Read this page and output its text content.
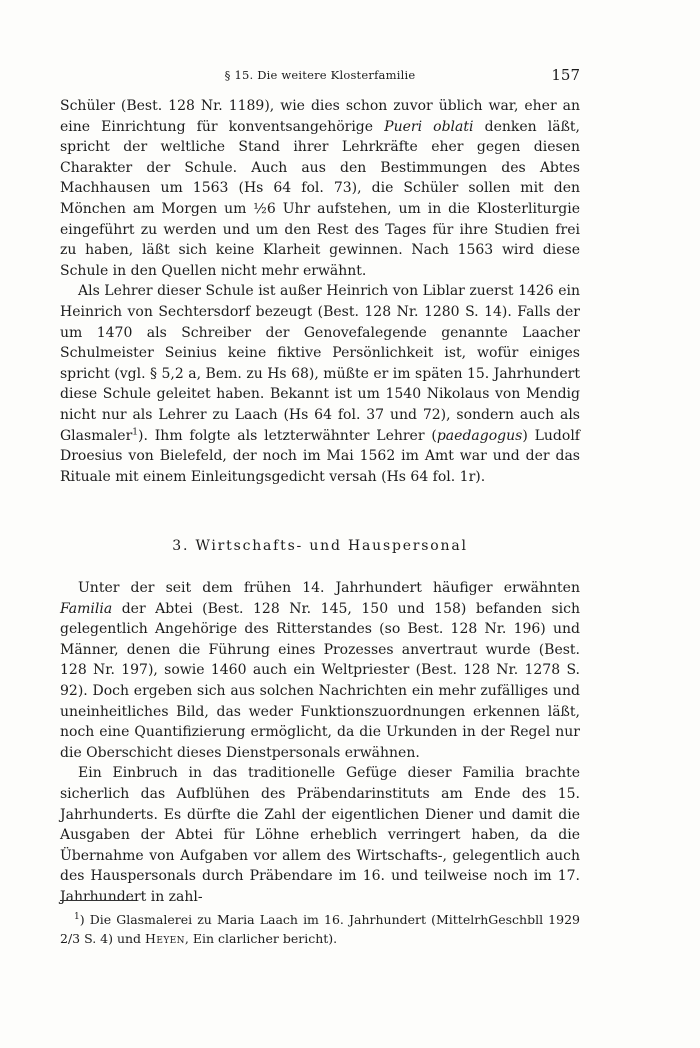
§ 15. Die weitere Klosterfamilie	157

Schüler (Best. 128 Nr. 1189), wie dies schon zuvor üblich war, eher an eine Einrichtung für konventsangehörige Pueri oblati denken läßt, spricht der weltliche Stand ihrer Lehrkräfte eher gegen diesen Charakter der Schule. Auch aus den Bestimmungen des Abtes Machhausen um 1563 (Hs 64 fol. 73), die Schüler sollen mit den Mönchen am Morgen um ½6 Uhr aufstehen, um in die Klosterliturgie eingeführt zu werden und um den Rest des Tages für ihre Studien frei zu haben, läßt sich keine Klarheit gewinnen. Nach 1563 wird diese Schule in den Quellen nicht mehr erwähnt.

Als Lehrer dieser Schule ist außer Heinrich von Liblar zuerst 1426 ein Heinrich von Sechtersdorf bezeugt (Best. 128 Nr. 1280 S. 14). Falls der um 1470 als Schreiber der Genovefalegende genannte Laacher Schulmeister Seinius keine fiktive Persönlichkeit ist, wofür einiges spricht (vgl. § 5,2 a, Bem. zu Hs 68), müßte er im späten 15. Jahrhundert diese Schule geleitet haben. Bekannt ist um 1540 Nikolaus von Mendig nicht nur als Lehrer zu Laach (Hs 64 fol. 37 und 72), sondern auch als Glasmaler$^1$). Ihm folgte als letzterwähnter Lehrer (paedagogus) Ludolf Droesius von Bielefeld, der noch im Mai 1562 im Amt war und der das Rituale mit einem Einleitungsgedicht versah (Hs 64 fol. 1r).

3. Wirtschafts- und Hauspersonal

Unter der seit dem frühen 14. Jahrhundert häufiger erwähnten Familia der Abtei (Best. 128 Nr. 145, 150 und 158) befanden sich gelegentlich Angehörige des Ritterstandes (so Best. 128 Nr. 196) und Männer, denen die Führung eines Prozesses anvertraut wurde (Best. 128 Nr. 197), sowie 1460 auch ein Weltpriester (Best. 128 Nr. 1278 S. 92). Doch ergeben sich aus solchen Nachrichten ein mehr zufälliges und uneinheitliches Bild, das weder Funktionszuordnungen erkennen läßt, noch eine Quantifizierung ermöglicht, da die Urkunden in der Regel nur die Oberschicht dieses Dienstpersonals erwähnen.

Ein Einbruch in das traditionelle Gefüge dieser Familia brachte sicherlich das Aufblühen des Präbendarinstituts am Ende des 15. Jahrhunderts. Es dürfte die Zahl der eigentlichen Diener und damit die Ausgaben der Abtei für Löhne erheblich verringert haben, da die Übernahme von Aufgaben vor allem des Wirtschafts-, gelegentlich auch des Hauspersonals durch Präbendare im 16. und teilweise noch im 17. Jahrhundert in zahl-

$^1$) Die Glasmalerei zu Maria Laach im 16. Jahrhundert (MittelrhGeschbll 1929 2/3 S. 4) und Heyen, Ein clarlicher bericht).
